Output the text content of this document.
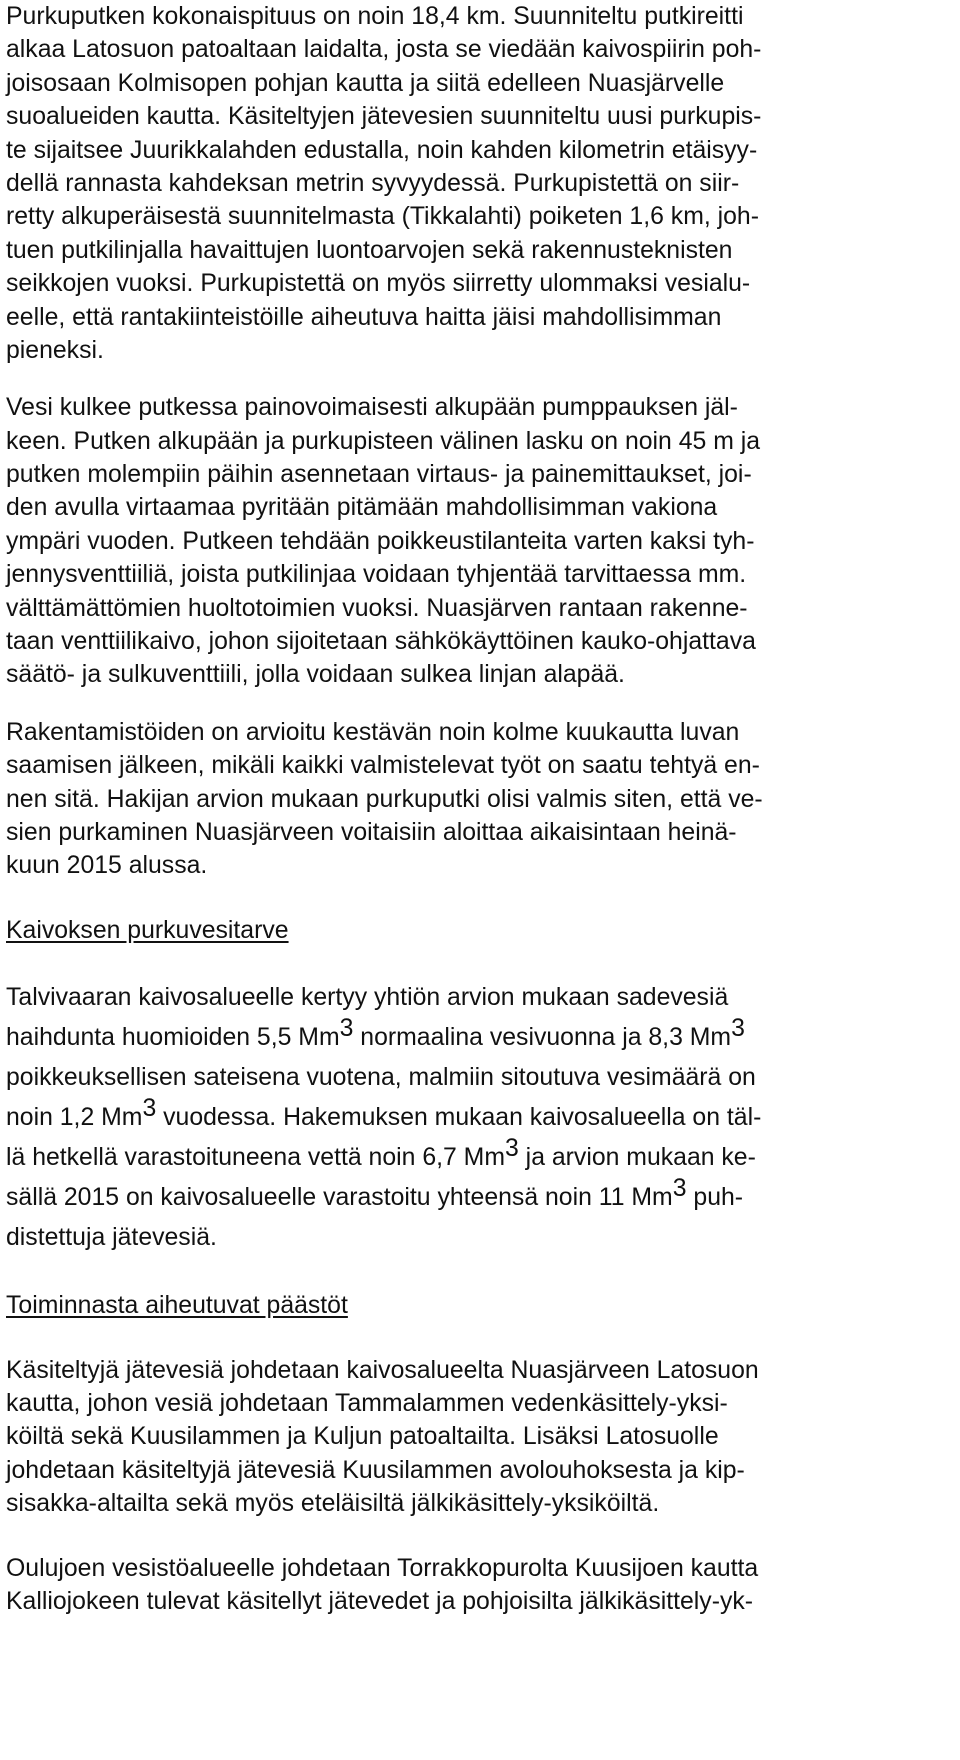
Purkuputken kokonaispituus on noin 18,4 km. Suunniteltu putkireitti
alkaa Latosuon patoaltaan laidalta, josta se viedään kaivospiirin poh-
joisosaan Kolmisopen pohjan kautta ja siitä edelleen Nuasjärvelle
suoalueiden kautta. Käsiteltyjen jätevesien suunniteltu uusi purkupis-
te sijaitsee Juurikkalahden edustalla, noin kahden kilometrin etäisyy-
dellä rannasta kahdeksan metrin syvyydessä. Purkupistettä on siir-
retty alkuperäisestä suunnitelmasta (Tikkalahti) poiketen 1,6 km, joh-
tuen putkilinjalla havaittujen luontoarvojen sekä rakennusteknisten
seikkojen vuoksi. Purkupistettä on myös siirretty ulommaksi vesialu-
eelle, että rantakiinteistöille aiheutuva haitta jäisi mahdollisimman
pieneksi.
Vesi kulkee putkessa painovoimaisesti alkupään pumppauksen jäl-
keen. Putken alkupään ja purkupisteen välinen lasku on noin 45 m ja
putken molempiin päihin asennetaan virtaus- ja painemittaukset, joi-
den avulla virtaamaa pyritään pitämään mahdollisimman vakiona
ympäri vuoden. Putkeen tehdään poikkeustilanteita varten kaksi tyh-
jennysventtiiliä, joista putkilinjaa voidaan tyhjentää tarvittaessa mm.
välttämättömien huoltotoimien vuoksi. Nuasjärven rantaan rakenne-
taan venttiilikaivo, johon sijoitetaan sähkökäyttöinen kauko-ohjattava
säätö- ja sulkuventtiili, jolla voidaan sulkea linjan alapää.
Rakentamistöiden on arvioitu kestävän noin kolme kuukautta luvan
saamisen jälkeen, mikäli kaikki valmistelevat työt on saatu tehtyä en-
nen sitä. Hakijan arvion mukaan purkuputki olisi valmis siten, että ve-
sien purkaminen Nuasjärveen voitaisiin aloittaa aikaisintaan heinä-
kuun 2015 alussa.
Kaivoksen purkuvesitarve
Talvivaaran kaivosalueelle kertyy yhtiön arvion mukaan sadevesiä
haihdunta huomioiden 5,5 Mm$^3$ normaalina vesivuonna ja 8,3 Mm$^3$
poikkeuksellisen sateisena vuotena, malmiin sitoutuva vesimäärä on
noin 1,2 Mm$^3$ vuodessa. Hakemuksen mukaan kaivosalueella on täl-
lä hetkellä varastoituneena vettä noin 6,7 Mm$^3$ ja arvion mukaan ke-
sällä 2015 on kaivosalueelle varastoitu yhteensä noin 11 Mm$^3$ puh-
distettuja jätevesiä.
Toiminnasta aiheutuvat päästöt
Käsiteltyjä jätevesiä johdetaan kaivosalueelta Nuasjärveen Latosuon
kautta, johon vesiä johdetaan Tammalammen vedenkäsittely-yksi-
köiltä sekä Kuusilammen ja Kuljun patoaltailta. Lisäksi Latosuolle
johdetaan käsiteltyjä jätevesiä Kuusilammen avolouhoksesta ja kip-
sisakka-altailta sekä myös eteläisiltä jälkikäsittely-yksiköiltä.
Oulujoen vesistöalueelle johdetaan Torrakkopurolta Kuusijoen kautta
Kalliojokeen tulevat käsitellyt jätevedet ja pohjoisilta jälkikäsittely-yk-
